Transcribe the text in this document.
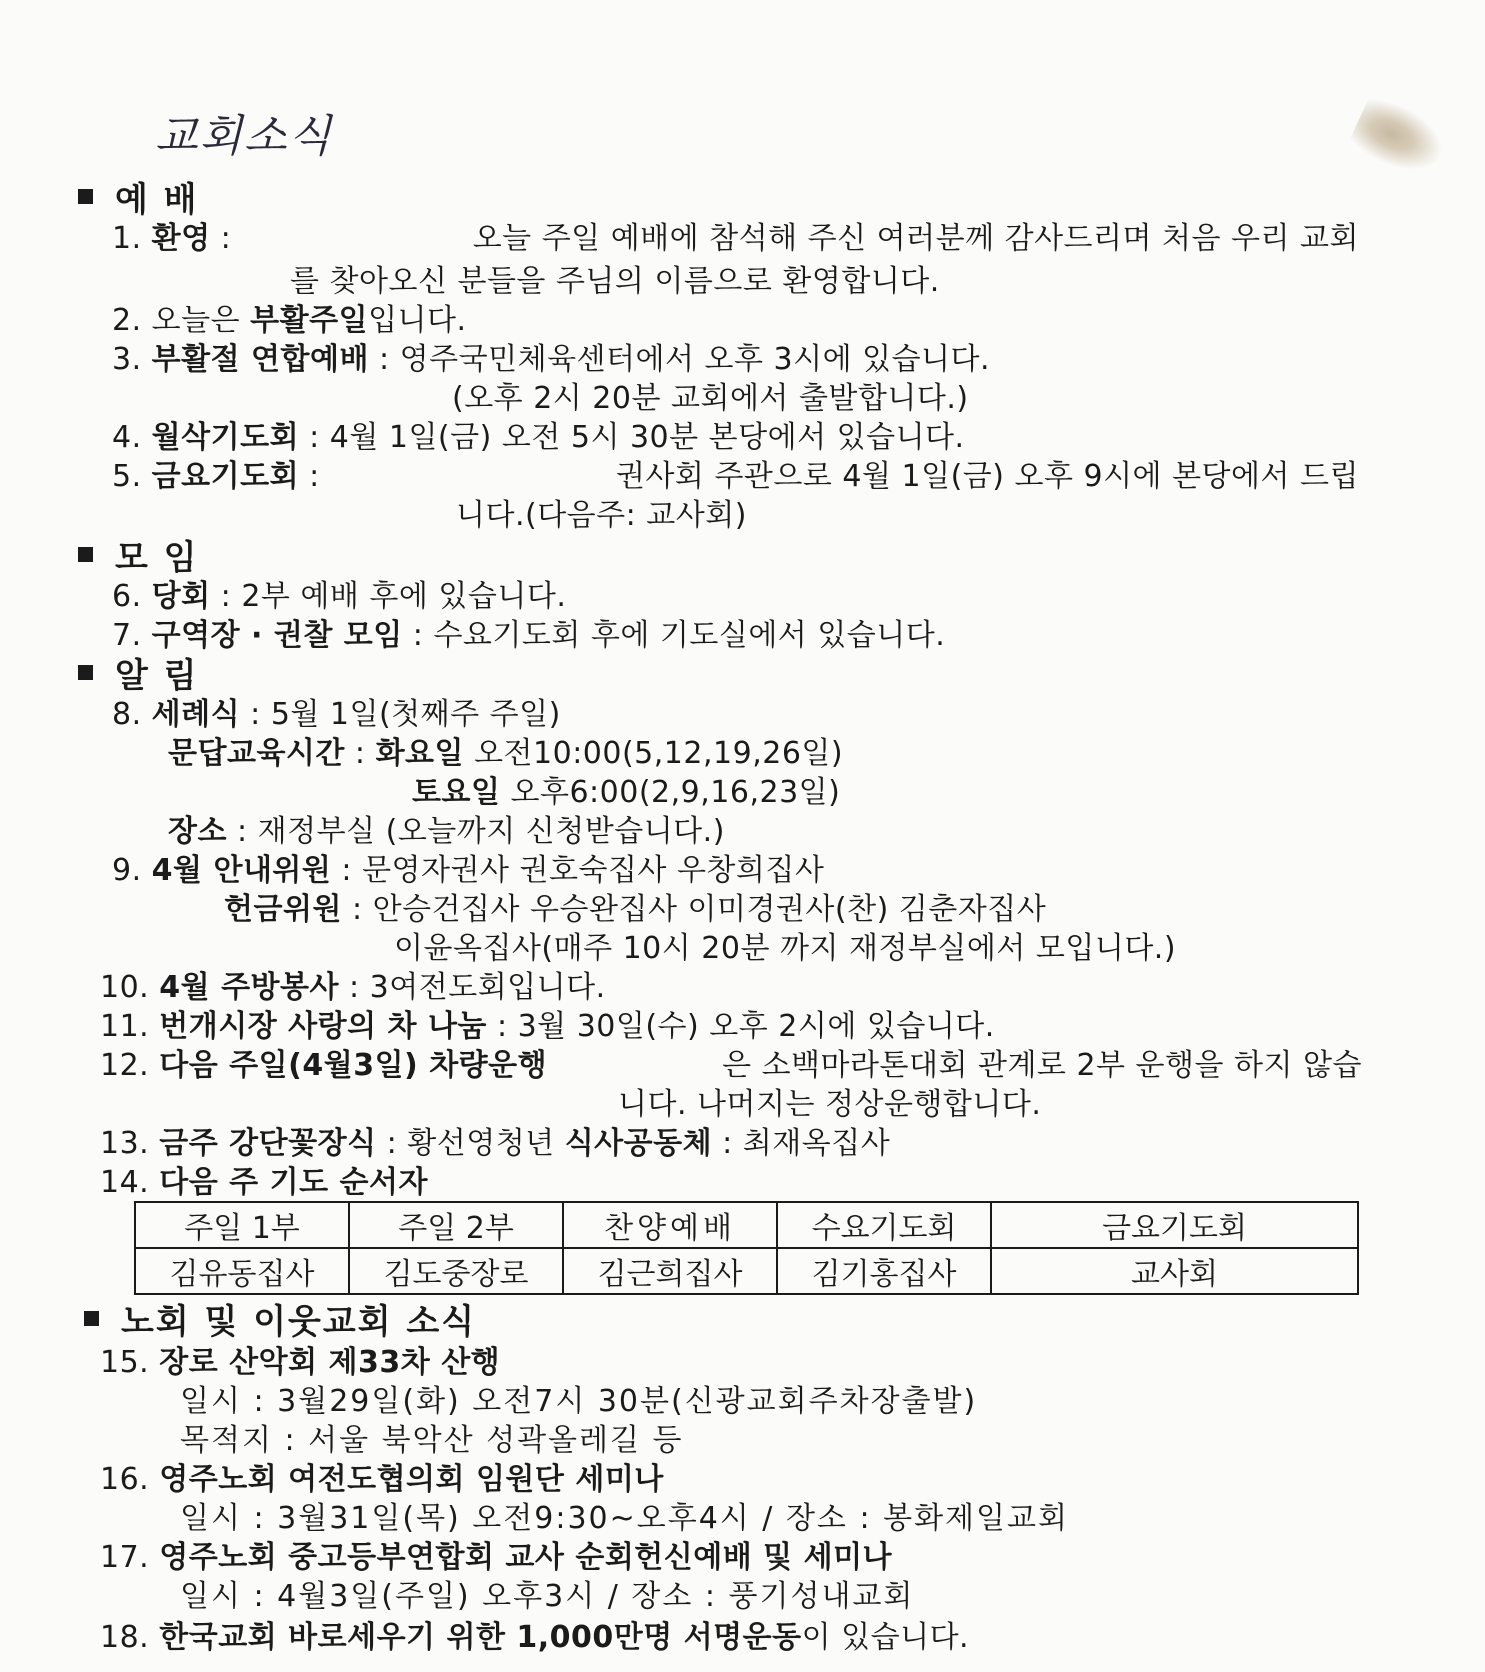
교회소식
예 배
1. 환영 :	오늘 주일 예배에 참석해 주신 여러분께 감사드리며 처음 우리 교회
를 찾아오신 분들을 주님의 이름으로 환영합니다.
2. 오늘은 부활주일입니다.
3. 부활절 연합예배 : 영주국민체육센터에서 오후 3시에 있습니다.
(오후 2시 20분 교회에서 출발합니다.)
4. 월삭기도회 : 4월 1일(금) 오전 5시 30분 본당에서 있습니다.
5. 금요기도회 :	권사회 주관으로 4월 1일(금) 오후 9시에 본당에서 드립
니다.(다음주: 교사회)
모 임
6. 당회 : 2부 예배 후에 있습니다.
7. 구역장 · 권찰 모임 : 수요기도회 후에 기도실에서 있습니다.
알 림
8. 세례식 : 5월 1일(첫째주 주일)
문답교육시간 : 화요일 오전10:00(5,12,19,26일)
토요일 오후6:00(2,9,16,23일)
장소 : 재정부실 (오늘까지 신청받습니다.)
9. 4월 안내위원 : 문영자권사 권호숙집사 우창희집사
헌금위원 : 안승건집사 우승완집사 이미경권사(찬) 김춘자집사
이윤옥집사(매주 10시 20분 까지 재정부실에서 모입니다.)
10. 4월 주방봉사 : 3여전도회입니다.
11. 번개시장 사랑의 차 나눔 : 3월 30일(수) 오후 2시에 있습니다.
12. 다음 주일(4월3일) 차량운행	은 소백마라톤대회 관계로 2부 운행을 하지 않습
니다. 나머지는 정상운행합니다.
13. 금주 강단꽃장식 : 황선영청년 식사공동체 : 최재옥집사
14. 다음 주 기도 순서자
주일 1부	주일 2부	찬양예배	수요기도회	금요기도회
김유동집사	김도중장로	김근희집사	김기홍집사	교사회
노회 및 이웃교회 소식
15. 장로 산악회 제33차 산행
일시 : 3월29일(화) 오전7시 30분(신광교회주차장출발)
목적지 : 서울 북악산 성곽올레길 등
16. 영주노회 여전도협의회 임원단 세미나
일시 : 3월31일(목) 오전9:30~오후4시 / 장소 : 봉화제일교회
17. 영주노회 중고등부연합회 교사 순회헌신예배 및 세미나
일시 : 4월3일(주일) 오후3시 / 장소 : 풍기성내교회
18. 한국교회 바로세우기 위한 1,000만명 서명운동이 있습니다.
